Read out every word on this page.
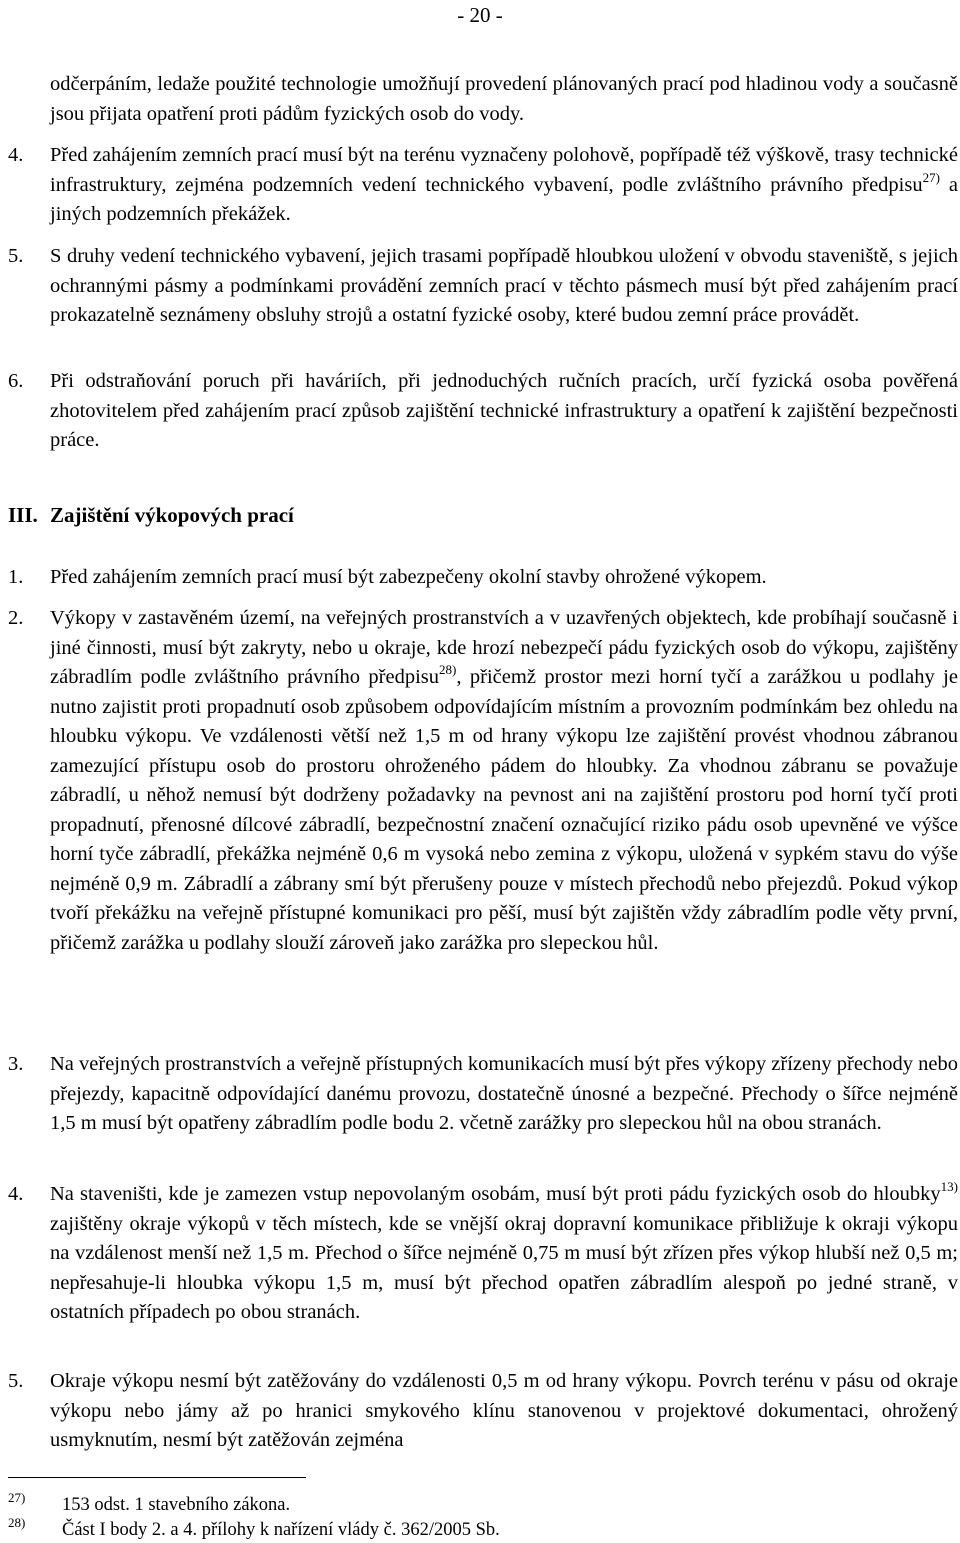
- 20 -

odčerpáním, ledaže použité technologie umožňují provedení plánovaných prací pod hladinou vody a současně jsou přijata opatření proti pádům fyzických osob do vody.

4. Před zahájením zemních prací musí být na terénu vyznačeny polohově, popřípadě též výškově, trasy technické infrastruktury, zejména podzemních vedení technického vybavení, podle zvláštního právního předpisu$^{27)}$ a jiných podzemních překážek.

5. S druhy vedení technického vybavení, jejich trasami popřípadě hloubkou uložení v obvodu staveniště, s jejich ochrannými pásmy a podmínkami provádění zemních prací v těchto pásmech musí být před zahájením prací prokazatelně seznámeny obsluhy strojů a ostatní fyzické osoby, které budou zemní práce provádět.

6. Při odstraňování poruch při haváriích, při jednoduchých ručních pracích, určí fyzická osoba pověřená zhotovitelem před zahájením prací způsob zajištění technické infrastruktury a opatření k zajištění bezpečnosti práce.

III. Zajištění výkopových prací

1. Před zahájením zemních prací musí být zabezpečeny okolní stavby ohrožené výkopem.

2. Výkopy v zastavěném území, na veřejných prostranstvích a v uzavřených objektech, kde probíhají současně i jiné činnosti, musí být zakryty, nebo u okraje, kde hrozí nebezpečí pádu fyzických osob do výkopu, zajištěny zábradlím podle zvláštního právního předpisu$^{28)}$, přičemž prostor mezi horní tyčí a zarážkou u podlahy je nutno zajistit proti propadnutí osob způsobem odpovídajícím místním a provozním podmínkám bez ohledu na hloubku výkopu. Ve vzdálenosti větší než 1,5 m od hrany výkopu lze zajištění provést vhodnou zábranou zamezující přístupu osob do prostoru ohroženého pádem do hloubky. Za vhodnou zábranu se považuje zábradlí, u něhož nemusí být dodrženy požadavky na pevnost ani na zajištění prostoru pod horní tyčí proti propadnutí, přenosné dílcové zábradlí, bezpečnostní značení označující riziko pádu osob upevněné ve výšce horní tyče zábradlí, překážka nejméně 0,6 m vysoká nebo zemina z výkopu, uložená v sypkém stavu do výše nejméně 0,9 m. Zábradlí a zábrany smí být přerušeny pouze v místech přechodů nebo přejezdů. Pokud výkop tvoří překážku na veřejně přístupné komunikaci pro pěší, musí být zajištěn vždy zábradlím podle věty první, přičemž zarážka u podlahy slouží zároveň jako zarážka pro slepeckou hůl.

3. Na veřejných prostranstvích a veřejně přístupných komunikacích musí být přes výkopy zřízeny přechody nebo přejezdy, kapacitně odpovídající danému provozu, dostatečně únosné a bezpečné. Přechody o šířce nejméně 1,5 m musí být opatřeny zábradlím podle bodu 2. včetně zarážky pro slepeckou hůl na obou stranách.

4. Na staveništi, kde je zamezen vstup nepovolaným osobám, musí být proti pádu fyzických osob do hloubky$^{13)}$ zajištěny okraje výkopů v těch místech, kde se vnější okraj dopravní komunikace přibližuje k okraji výkopu na vzdálenost menší než 1,5 m. Přechod o šířce nejméně 0,75 m musí být zřízen přes výkop hlubší než 0,5 m; nepřesahuje-li hloubka výkopu 1,5 m, musí být přechod opatřen zábradlím alespoň po jedné straně, v ostatních případech po obou stranách.

5. Okraje výkopu nesmí být zatěžovány do vzdálenosti 0,5 m od hrany výkopu. Povrch terénu v pásu od okraje výkopu nebo jámy až po hranici smykového klínu stanovenou v projektové dokumentaci, ohrožený usmyknutím, nesmí být zatěžován zejména

27)	153 odst. 1 stavebního zákona.
28)	Část I body 2. a 4. přílohy k nařízení vlády č. 362/2005 Sb.
